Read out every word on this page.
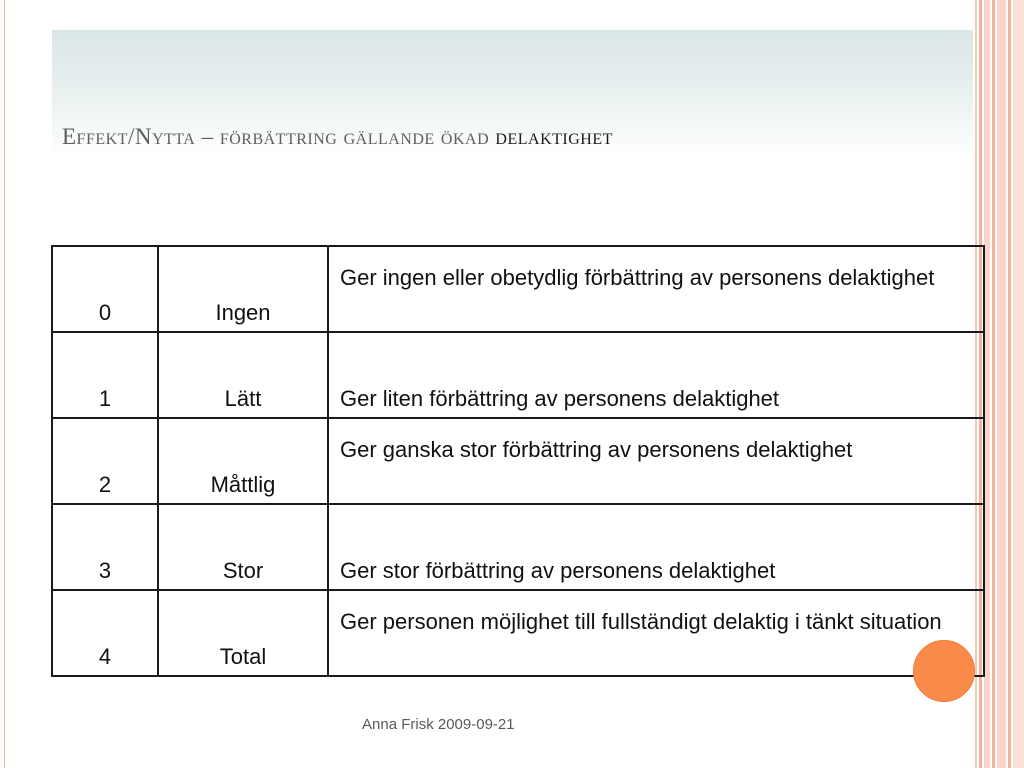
Effekt/Nytta – förbättring gällande ökad delaktighet
0	Ingen	Ger ingen eller obetydlig förbättring av personens delaktighet
1	Lätt	Ger liten förbättring av personens delaktighet
2	Måttlig	Ger ganska stor förbättring av personens delaktighet
3	Stor	Ger stor förbättring av personens delaktighet
4	Total	Ger personen möjlighet till fullständigt delaktig i tänkt situation
Anna Frisk 2009-09-21
